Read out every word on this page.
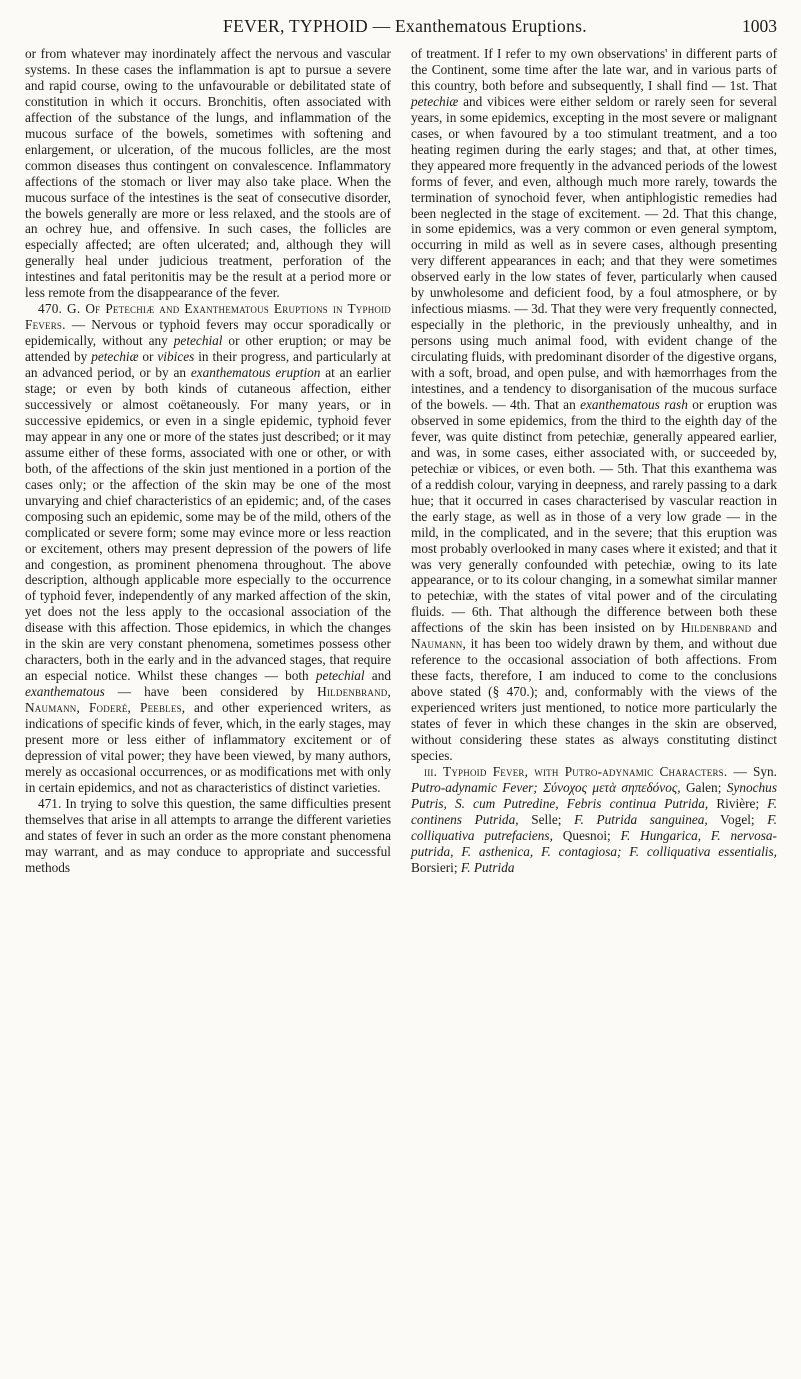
FEVER, TYPHOID — Exanthematous Eruptions.	1003

or from whatever may inordinately affect the nervous and vascular systems. In these cases the inflammation is apt to pursue a severe and rapid course, owing to the unfavourable or debilitated state of constitution in which it occurs. Bronchitis, often associated with affection of the substance of the lungs, and inflammation of the mucous surface of the bowels, sometimes with softening and enlargement, or ulceration, of the mucous follicles, are the most common diseases thus contingent on convalescence. Inflammatory affections of the stomach or liver may also take place. When the mucous surface of the intestines is the seat of consecutive disorder, the bowels generally are more or less relaxed, and the stools are of an ochrey hue, and offensive. In such cases, the follicles are especially affected; are often ulcerated; and, although they will generally heal under judicious treatment, perforation of the intestines and fatal peritonitis may be the result at a period more or less remote from the disappearance of the fever.

470. G. Of Petechiæ and Exanthematous Eruptions in Typhoid Fevers. — Nervous or typhoid fevers may occur sporadically or epidemically, without any petechial or other eruption; or may be attended by petechiæ or vibices in their progress, and particularly at an advanced period, or by an exanthematous eruption at an earlier stage; or even by both kinds of cutaneous affection, either successively or almost coëtaneously. For many years, or in successive epidemics, or even in a single epidemic, typhoid fever may appear in any one or more of the states just described; or it may assume either of these forms, associated with one or other, or with both, of the affections of the skin just mentioned in a portion of the cases only; or the affection of the skin may be one of the most unvarying and chief characteristics of an epidemic; and, of the cases composing such an epidemic, some may be of the mild, others of the complicated or severe form; some may evince more or less reaction or excitement, others may present depression of the powers of life and congestion, as prominent phenomena throughout. The above description, although applicable more especially to the occurrence of typhoid fever, independently of any marked affection of the skin, yet does not the less apply to the occasional association of the disease with this affection. Those epidemics, in which the changes in the skin are very constant phenomena, sometimes possess other characters, both in the early and in the advanced stages, that require an especial notice. Whilst these changes — both petechial and exanthematous — have been considered by Hildenbrand, Naumann, Foderé, Peebles, and other experienced writers, as indications of specific kinds of fever, which, in the early stages, may present more or less either of inflammatory excitement or of depression of vital power; they have been viewed, by many authors, merely as occasional occurrences, or as modifications met with only in certain epidemics, and not as characteristics of distinct varieties.

471. In trying to solve this question, the same difficulties present themselves that arise in all attempts to arrange the different varieties and states of fever in such an order as the more constant phenomena may warrant, and as may conduce to appropriate and successful methods

of treatment. If I refer to my own observations' in different parts of the Continent, some time after the late war, and in various parts of this country, both before and subsequently, I shall find — 1st. That petechiæ and vibices were either seldom or rarely seen for several years, in some epidemics, excepting in the most severe or malignant cases, or when favoured by a too stimulant treatment, and a too heating regimen during the early stages; and that, at other times, they appeared more frequently in the advanced periods of the lowest forms of fever, and even, although much more rarely, towards the termination of synochoid fever, when antiphlogistic remedies had been neglected in the stage of excitement. — 2d. That this change, in some epidemics, was a very common or even general symptom, occurring in mild as well as in severe cases, although presenting very different appearances in each; and that they were sometimes observed early in the low states of fever, particularly when caused by unwholesome and deficient food, by a foul atmosphere, or by infectious miasms. — 3d. That they were very frequently connected, especially in the plethoric, in the previously unhealthy, and in persons using much animal food, with evident change of the circulating fluids, with predominant disorder of the digestive organs, with a soft, broad, and open pulse, and with hæmorrhages from the intestines, and a tendency to disorganisation of the mucous surface of the bowels. — 4th. That an exanthematous rash or eruption was observed in some epidemics, from the third to the eighth day of the fever, was quite distinct from petechiæ, generally appeared earlier, and was, in some cases, either associated with, or succeeded by, petechiæ or vibices, or even both. — 5th. That this exanthema was of a reddish colour, varying in deepness, and rarely passing to a dark hue; that it occurred in cases characterised by vascular reaction in the early stage, as well as in those of a very low grade — in the mild, in the complicated, and in the severe; that this eruption was most probably overlooked in many cases where it existed; and that it was very generally confounded with petechiæ, owing to its late appearance, or to its colour changing, in a somewhat similar manner to petechiæ, with the states of vital power and of the circulating fluids. — 6th. That although the difference between both these affections of the skin has been insisted on by Hildenbrand and Naumann, it has been too widely drawn by them, and without due reference to the occasional association of both affections. From these facts, therefore, I am induced to come to the conclusions above stated (§ 470.); and, conformably with the views of the experienced writers just mentioned, to notice more particularly the states of fever in which these changes in the skin are observed, without considering these states as always constituting distinct species.

iii. Typhoid Fever, with Putro-adynamic Characters. — Syn. Putro-adynamic Fever; Σύνοχος μετὰ σηπεδόνος, Galen; Synochus Putris, S. cum Putredine, Febris continua Putrida, Rivière; F. continens Putrida, Selle; F. Putrida sanguinea, Vogel; F. colliquativa putrefaciens, Quesnoi; F. Hungarica, F. nervosa-putrida, F. asthenica, F. contagiosa; F. colliquativa essentialis, Borsieri; F. Putrida
